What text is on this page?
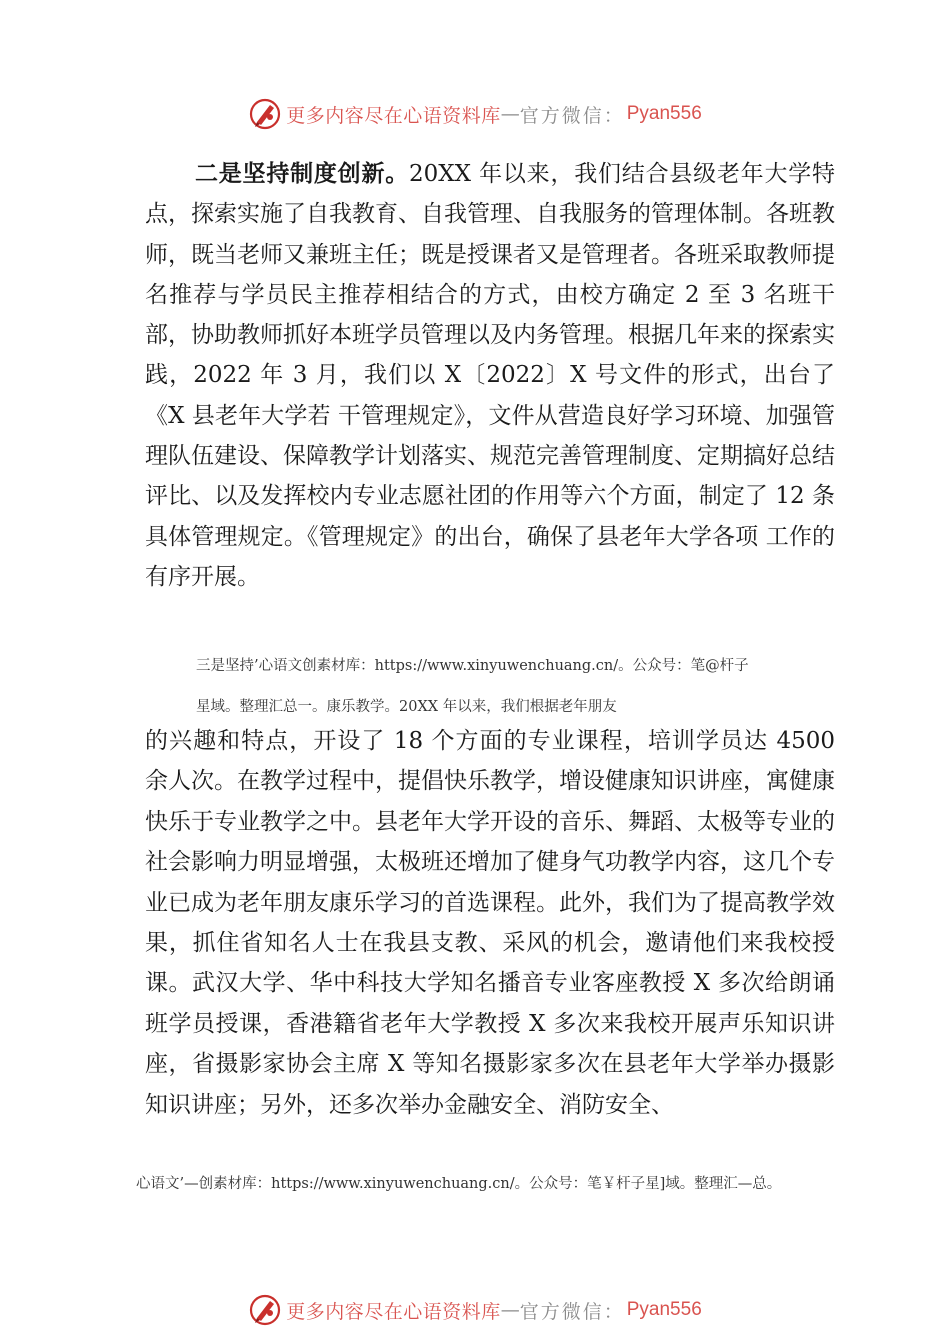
更多内容尽在心语资料库 — 官方微信： Pyan556

二是坚持制度创新。20XX 年以来，我们结合县级老年大学特点，探索实施了自我教育、自我管理、自我服务的管理体制。各班教师，既当老师又兼班主任；既是授课者又是管理者。各班采取教师提名推荐与学员民主推荐相结合的方式，由校方确定 2 至 3 名班干部，协助教师抓好本班学员管理以及内务管理。根据几年来的探索实践，2022 年 3 月，我们以 X〔2022〕X 号文件的形式，出台了《X 县老年大学若 干管理规定》，文件从营造良好学习环境、加强管理队伍建设、保障教学计划落实、规范完善管理制度、定期搞好总结评比、以及发挥校内专业志愿社团的作用等六个方面，制定了 12 条具体管理规定。《管理规定》的出台，确保了县老年大学各项 工作的有序开展。

三是坚持’心语文创素材库：https://www.xinyuwenchuang.cn/。公众号：笔@杆子

星域。整理汇总一。康乐教学。20XX 年以来，我们根据老年朋友

的兴趣和特点，开设了 18 个方面的专业课程，培训学员达 4500 余人次。在教学过程中，提倡快乐教学，增设健康知识讲座，寓健康快乐于专业教学之中。县老年大学开设的音乐、舞蹈、太极等专业的社会影响力明显增强，太极班还增加了健身气功教学内容，这几个专业已成为老年朋友康乐学习的首选课程。此外，我们为了提高教学效果，抓住省知名人士在我县支教、采风的机会，邀请他们来我校授课。武汉大学、华中科技大学知名播音专业客座教授 X 多次给朗诵班学员授课，香港籍省老年大学教授 X 多次来我校开展声乐知识讲座，省摄影家协会主席 X 等知名摄影家多次在县老年大学举办摄影知识讲座；另外，还多次举办金融安全、消防安全、

心语文’—创素材库：https://www.xinyuwenchuang.cn/。公众号：笔￥杆子星]域。整理汇—总。

更多内容尽在心语资料库 — 官方微信： Pyan556
